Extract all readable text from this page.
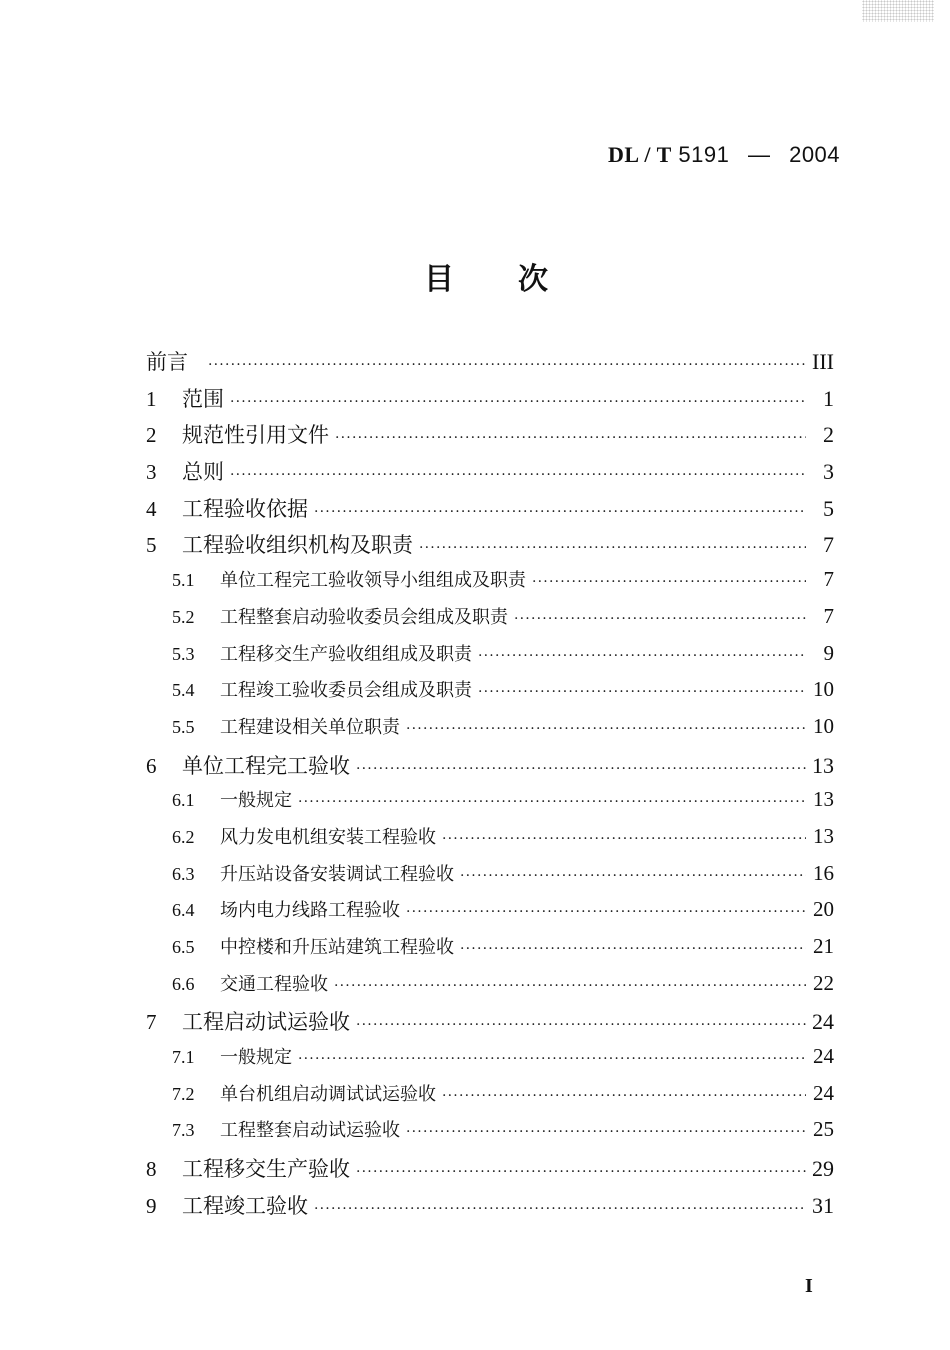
DL / T 5191 — 2004
目 次
前言 ·····	III
1	范围 ·····	1
2	规范性引用文件 ·····	2
3	总则 ·····	3
4	工程验收依据 ·····	5
5	工程验收组织机构及职责 ·····	7
5.1	单位工程完工验收领导小组组成及职责 ·····	7
5.2	工程整套启动验收委员会组成及职责 ·····	7
5.3	工程移交生产验收组组成及职责 ·····	9
5.4	工程竣工验收委员会组成及职责 ·····	10
5.5	工程建设相关单位职责 ·····	10
6	单位工程完工验收 ·····	13
6.1	一般规定 ·····	13
6.2	风力发电机组安装工程验收 ·····	13
6.3	升压站设备安装调试工程验收 ·····	16
6.4	场内电力线路工程验收 ·····	20
6.5	中控楼和升压站建筑工程验收 ·····	21
6.6	交通工程验收 ·····	22
7	工程启动试运验收 ·····	24
7.1	一般规定 ·····	24
7.2	单台机组启动调试试运验收 ·····	24
7.3	工程整套启动试运验收 ·····	25
8	工程移交生产验收 ·····	29
9	工程竣工验收 ·····	31
I
